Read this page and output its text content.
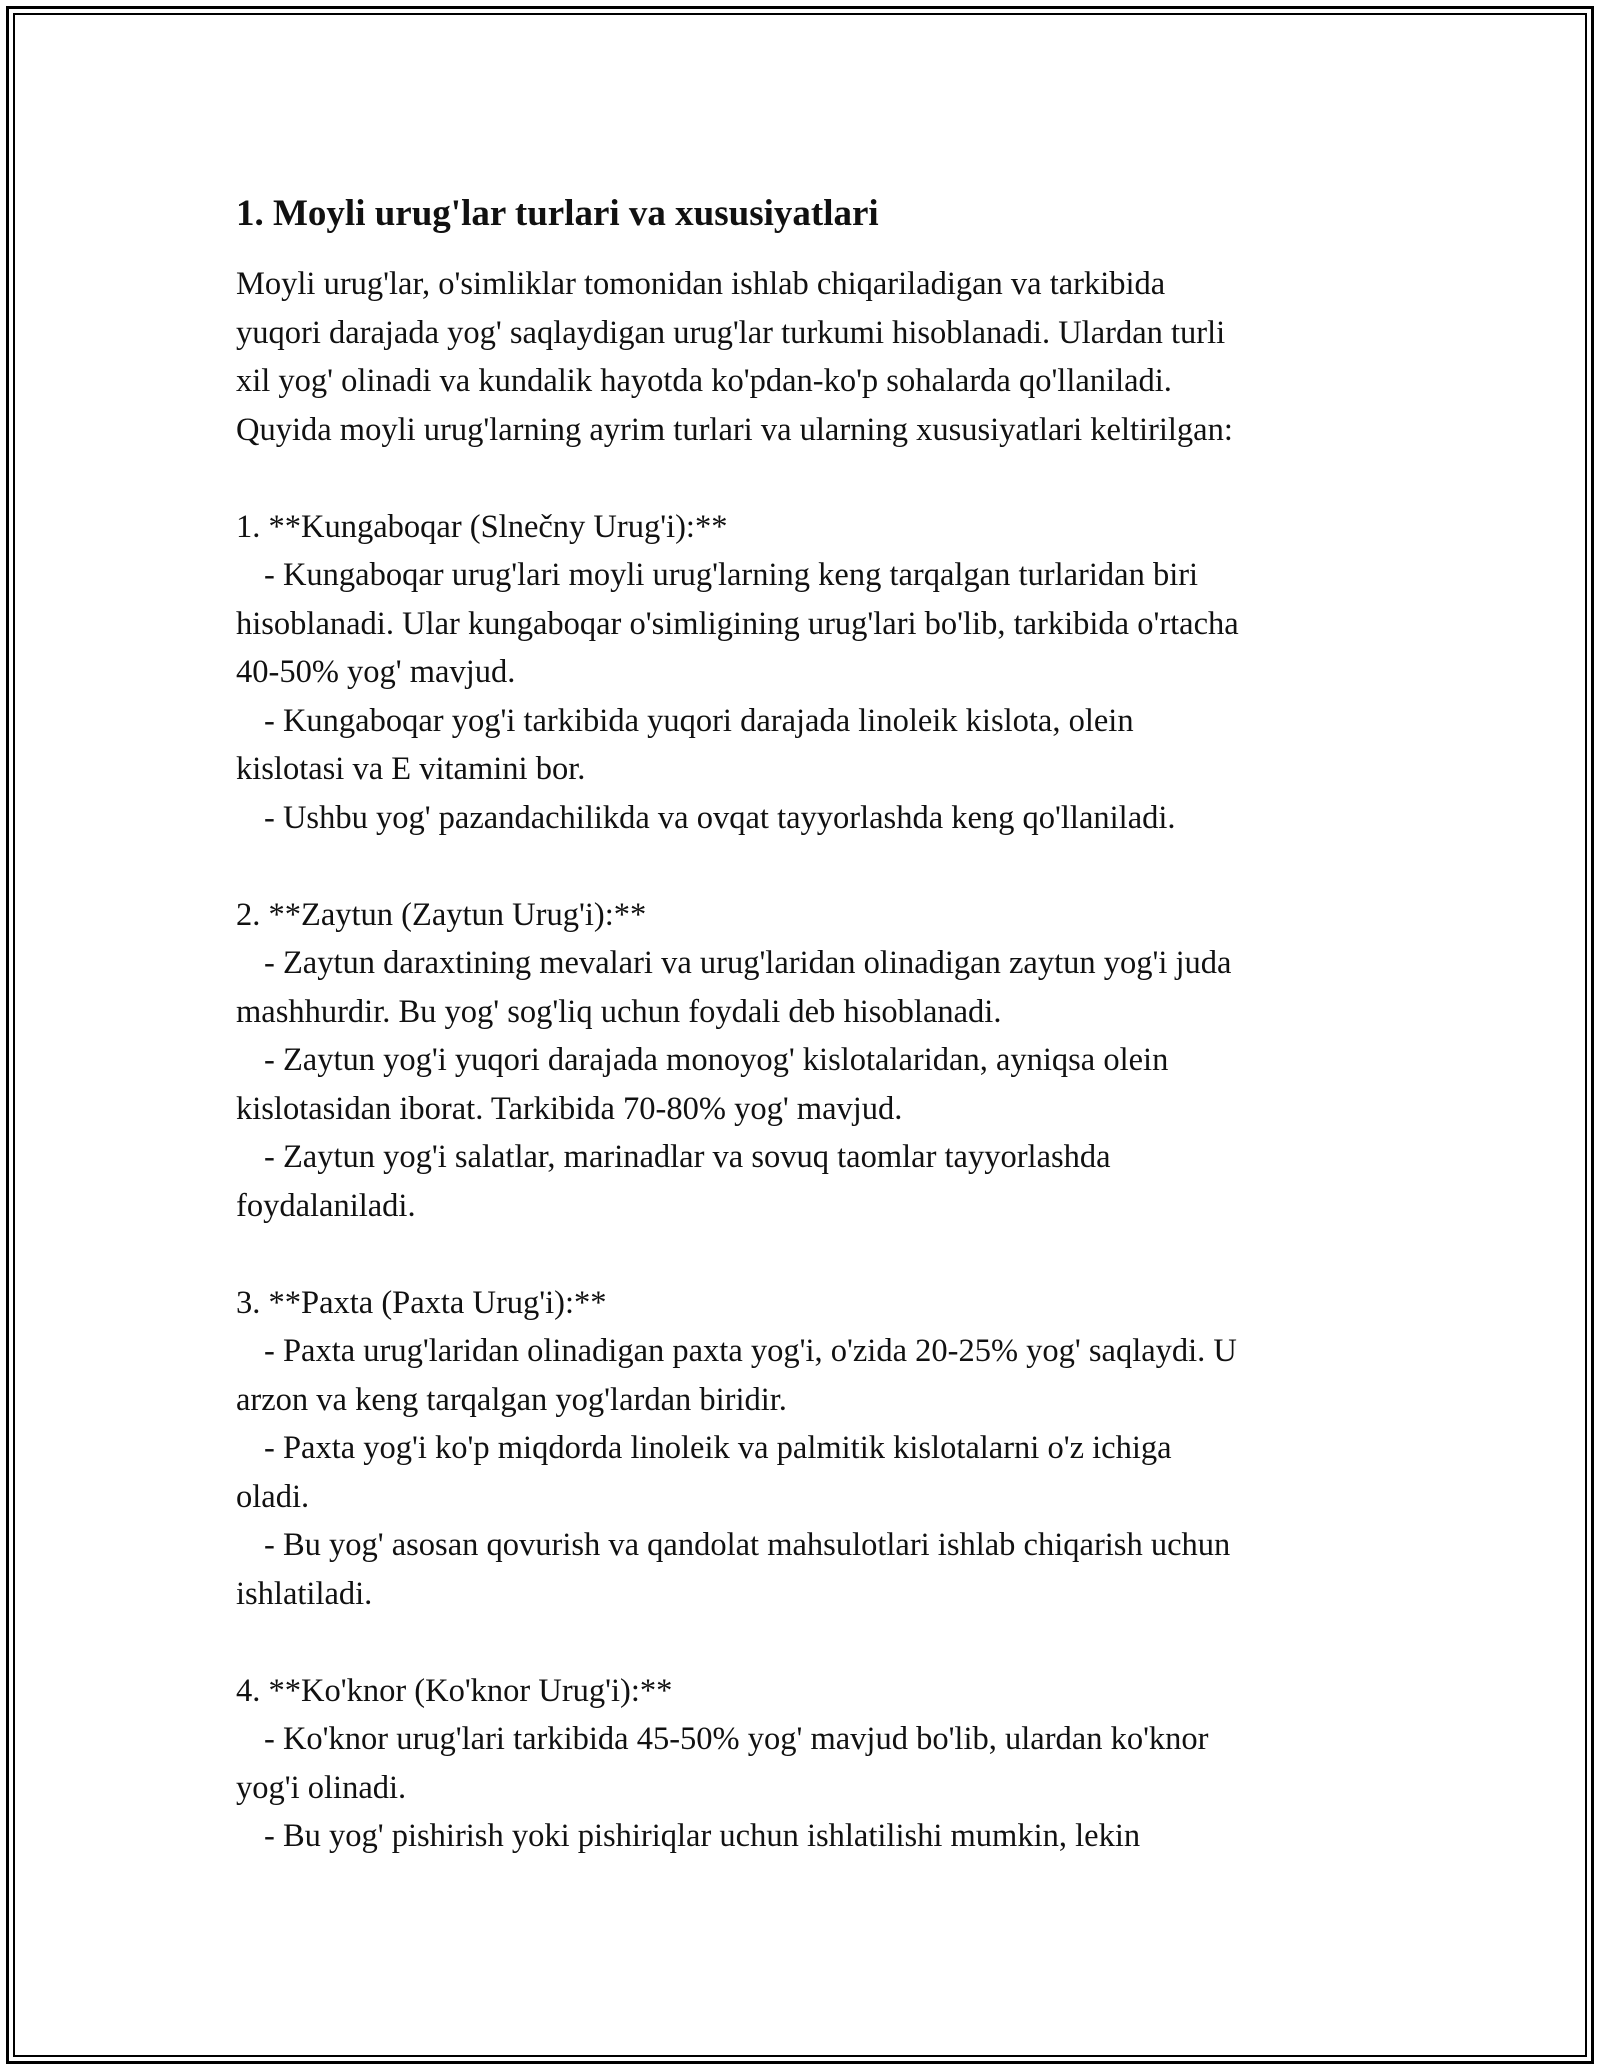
1. Moyli urug'lar turlari va xususiyatlari
Moyli urug'lar, o'simliklar tomonidan ishlab chiqariladigan va tarkibida
yuqori darajada yog' saqlaydigan urug'lar turkumi hisoblanadi. Ulardan turli
xil yog' olinadi va kundalik hayotda ko'pdan-ko'p sohalarda qo'llaniladi.
Quyida moyli urug'larning ayrim turlari va ularning xususiyatlari keltirilgan:
1. **Kungaboqar (Slnečny Urug'i):**
- Kungaboqar urug'lari moyli urug'larning keng tarqalgan turlaridan biri
hisoblanadi. Ular kungaboqar o'simligining urug'lari bo'lib, tarkibida o'rtacha
40-50% yog' mavjud.
- Kungaboqar yog'i tarkibida yuqori darajada linoleik kislota, olein
kislotasi va E vitamini bor.
- Ushbu yog' pazandachilikda va ovqat tayyorlashda keng qo'llaniladi.
2. **Zaytun (Zaytun Urug'i):**
- Zaytun daraxtining mevalari va urug'laridan olinadigan zaytun yog'i juda
mashhurdir. Bu yog' sog'liq uchun foydali deb hisoblanadi.
- Zaytun yog'i yuqori darajada monoyog' kislotalaridan, ayniqsa olein
kislotasidan iborat. Tarkibida 70-80% yog' mavjud.
- Zaytun yog'i salatlar, marinadlar va sovuq taomlar tayyorlashda
foydalaniladi.
3. **Paxta (Paxta Urug'i):**
- Paxta urug'laridan olinadigan paxta yog'i, o'zida 20-25% yog' saqlaydi. U
arzon va keng tarqalgan yog'lardan biridir.
- Paxta yog'i ko'p miqdorda linoleik va palmitik kislotalarni o'z ichiga
oladi.
- Bu yog' asosan qovurish va qandolat mahsulotlari ishlab chiqarish uchun
ishlatiladi.
4. **Ko'knor (Ko'knor Urug'i):**
- Ko'knor urug'lari tarkibida 45-50% yog' mavjud bo'lib, ulardan ko'knor
yog'i olinadi.
- Bu yog' pishirish yoki pishiriqlar uchun ishlatilishi mumkin, lekin
